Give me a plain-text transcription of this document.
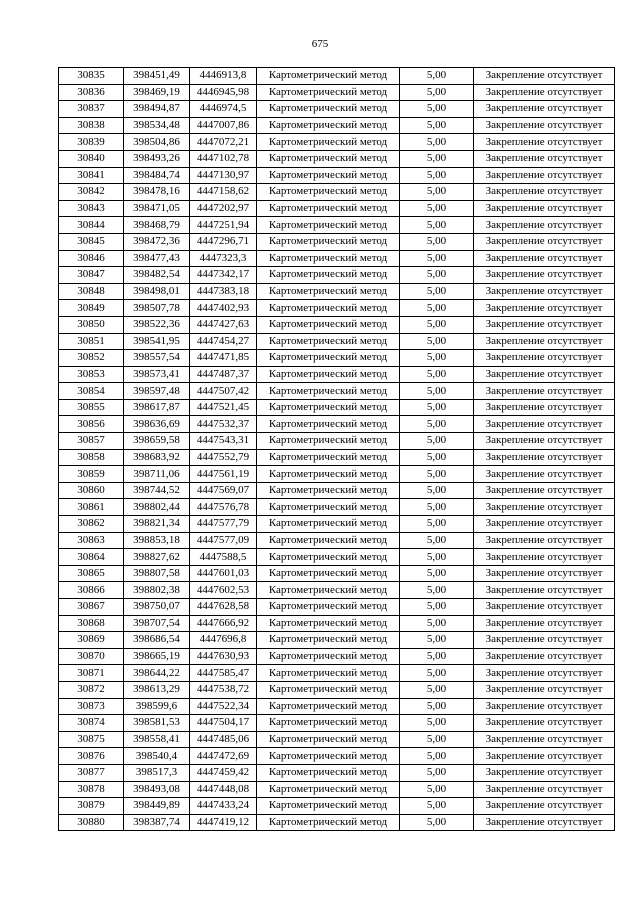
675
30835	398451,49	4446913,8	Картометрический метод	5,00	Закрепление отсутствует
30836	398469,19	4446945,98	Картометрический метод	5,00	Закрепление отсутствует
30837	398494,87	4446974,5	Картометрический метод	5,00	Закрепление отсутствует
30838	398534,48	4447007,86	Картометрический метод	5,00	Закрепление отсутствует
30839	398504,86	4447072,21	Картометрический метод	5,00	Закрепление отсутствует
30840	398493,26	4447102,78	Картометрический метод	5,00	Закрепление отсутствует
30841	398484,74	4447130,97	Картометрический метод	5,00	Закрепление отсутствует
30842	398478,16	4447158,62	Картометрический метод	5,00	Закрепление отсутствует
30843	398471,05	4447202,97	Картометрический метод	5,00	Закрепление отсутствует
30844	398468,79	4447251,94	Картометрический метод	5,00	Закрепление отсутствует
30845	398472,36	4447296,71	Картометрический метод	5,00	Закрепление отсутствует
30846	398477,43	4447323,3	Картометрический метод	5,00	Закрепление отсутствует
30847	398482,54	4447342,17	Картометрический метод	5,00	Закрепление отсутствует
30848	398498,01	4447383,18	Картометрический метод	5,00	Закрепление отсутствует
30849	398507,78	4447402,93	Картометрический метод	5,00	Закрепление отсутствует
30850	398522,36	4447427,63	Картометрический метод	5,00	Закрепление отсутствует
30851	398541,95	4447454,27	Картометрический метод	5,00	Закрепление отсутствует
30852	398557,54	4447471,85	Картометрический метод	5,00	Закрепление отсутствует
30853	398573,41	4447487,37	Картометрический метод	5,00	Закрепление отсутствует
30854	398597,48	4447507,42	Картометрический метод	5,00	Закрепление отсутствует
30855	398617,87	4447521,45	Картометрический метод	5,00	Закрепление отсутствует
30856	398636,69	4447532,37	Картометрический метод	5,00	Закрепление отсутствует
30857	398659,58	4447543,31	Картометрический метод	5,00	Закрепление отсутствует
30858	398683,92	4447552,79	Картометрический метод	5,00	Закрепление отсутствует
30859	398711,06	4447561,19	Картометрический метод	5,00	Закрепление отсутствует
30860	398744,52	4447569,07	Картометрический метод	5,00	Закрепление отсутствует
30861	398802,44	4447576,78	Картометрический метод	5,00	Закрепление отсутствует
30862	398821,34	4447577,79	Картометрический метод	5,00	Закрепление отсутствует
30863	398853,18	4447577,09	Картометрический метод	5,00	Закрепление отсутствует
30864	398827,62	4447588,5	Картометрический метод	5,00	Закрепление отсутствует
30865	398807,58	4447601,03	Картометрический метод	5,00	Закрепление отсутствует
30866	398802,38	4447602,53	Картометрический метод	5,00	Закрепление отсутствует
30867	398750,07	4447628,58	Картометрический метод	5,00	Закрепление отсутствует
30868	398707,54	4447666,92	Картометрический метод	5,00	Закрепление отсутствует
30869	398686,54	4447696,8	Картометрический метод	5,00	Закрепление отсутствует
30870	398665,19	4447630,93	Картометрический метод	5,00	Закрепление отсутствует
30871	398644,22	4447585,47	Картометрический метод	5,00	Закрепление отсутствует
30872	398613,29	4447538,72	Картометрический метод	5,00	Закрепление отсутствует
30873	398599,6	4447522,34	Картометрический метод	5,00	Закрепление отсутствует
30874	398581,53	4447504,17	Картометрический метод	5,00	Закрепление отсутствует
30875	398558,41	4447485,06	Картометрический метод	5,00	Закрепление отсутствует
30876	398540,4	4447472,69	Картометрический метод	5,00	Закрепление отсутствует
30877	398517,3	4447459,42	Картометрический метод	5,00	Закрепление отсутствует
30878	398493,08	4447448,08	Картометрический метод	5,00	Закрепление отсутствует
30879	398449,89	4447433,24	Картометрический метод	5,00	Закрепление отсутствует
30880	398387,74	4447419,12	Картометрический метод	5,00	Закрепление отсутствует
